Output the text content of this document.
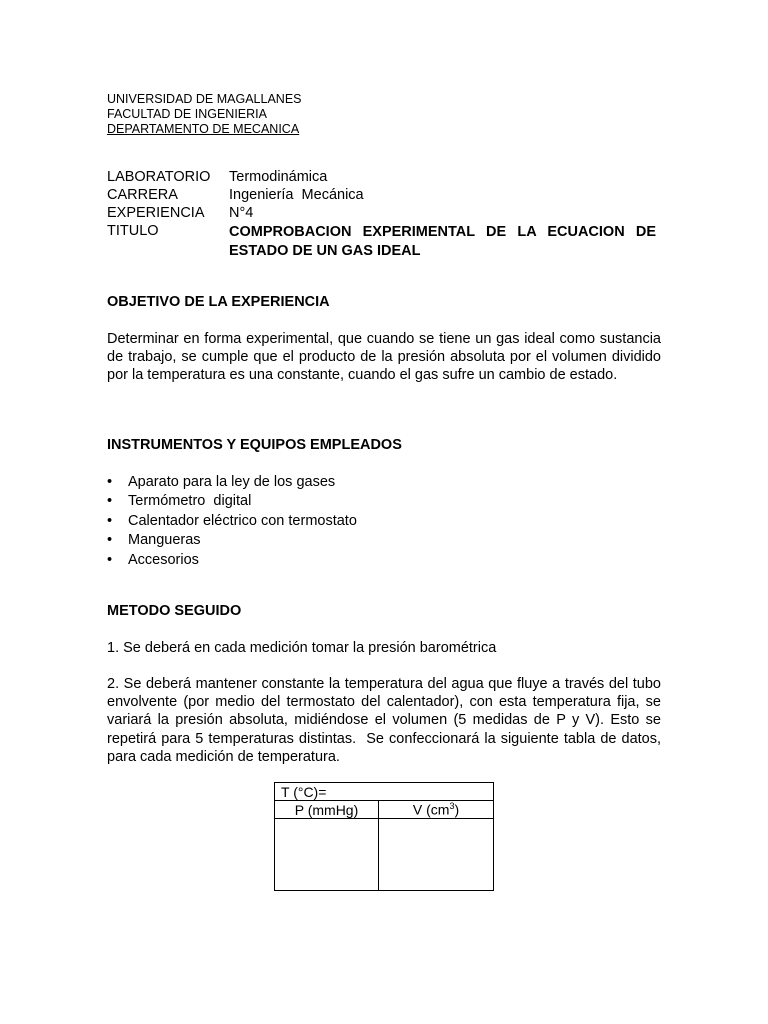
UNIVERSIDAD DE MAGALLANES
FACULTAD DE INGENIERIA
DEPARTAMENTO DE MECANICA
LABORATORIO Termodinámica
CARRERA	Ingeniería  Mecánica
EXPERIENCIA N°4
TITULO	COMPROBACION EXPERIMENTAL DE LA ECUACION DE ESTADO DE UN GAS IDEAL
OBJETIVO DE LA EXPERIENCIA
Determinar en forma experimental, que cuando se tiene un gas ideal como sustancia de trabajo, se cumple que el producto de la presión absoluta por el volumen dividido por la temperatura es una constante, cuando el gas sufre un cambio de estado.
INSTRUMENTOS Y EQUIPOS EMPLEADOS
• Aparato para la ley de los gases
• Termómetro  digital
• Calentador eléctrico con termostato
• Mangueras
• Accesorios
METODO SEGUIDO
1. Se deberá en cada medición tomar la presión barométrica
2. Se deberá mantener constante la temperatura del agua que fluye a través del tubo envolvente (por medio del termostato del calentador), con esta temperatura fija, se variará la presión absoluta, midiéndose el volumen (5 medidas de P y V). Esto se repetirá para 5 temperaturas distintas.  Se confeccionará la siguiente tabla de datos, para cada medición de temperatura.
T (°C)=	
P (mmHg)	V $(cm^3)$
